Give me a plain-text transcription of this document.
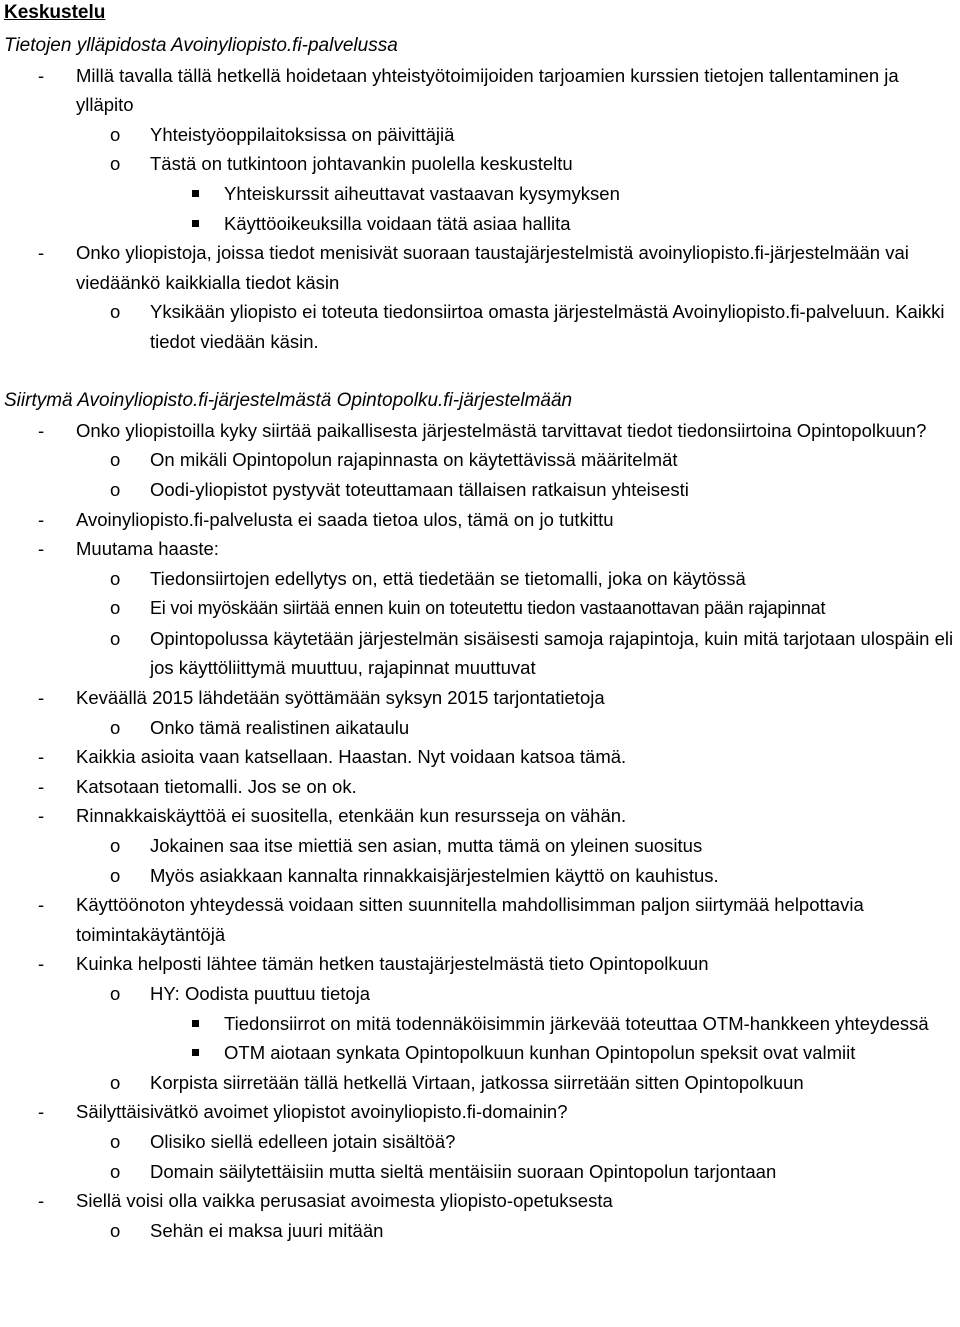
Keskustelu

Tietojen ylläpidosta Avoinyliopisto.fi-palvelussa

- Millä tavalla tällä hetkellä hoidetaan yhteistyötoimijoiden tarjoamien kurssien tietojen tallentaminen ja ylläpito
o Yhteistyöoppilaitoksissa on päivittäjiä
o Tästä on tutkintoon johtavankin puolella keskusteltu
Yhteiskurssit aiheuttavat vastaavan kysymyksen
Käyttöoikeuksilla voidaan tätä asiaa hallita
- Onko yliopistoja, joissa tiedot menisivät suoraan taustajärjestelmistä avoinyliopisto.fi-järjestelmään vai viedäänkö kaikkialla tiedot käsin
o Yksikään yliopisto ei toteuta tiedonsiirtoa omasta järjestelmästä Avoinyliopisto.fi-palveluun. Kaikki tiedot viedään käsin.

Siirtymä Avoinyliopisto.fi-järjestelmästä Opintopolku.fi-järjestelmään

- Onko yliopistoilla kyky siirtää paikallisesta järjestelmästä tarvittavat tiedot tiedonsiirtoina Opintopolkuun?
o On mikäli Opintopolun rajapinnasta on käytettävissä määritelmät
o Oodi-yliopistot pystyvät toteuttamaan tällaisen ratkaisun yhteisesti
- Avoinyliopisto.fi-palvelusta ei saada tietoa ulos, tämä on jo tutkittu
- Muutama haaste:
o Tiedonsiirtojen edellytys on, että tiedetään se tietomalli, joka on käytössä
o Ei voi myöskään siirtää ennen kuin on toteutettu tiedon vastaanottavan pään rajapinnat
o Opintopolussa käytetään järjestelmän sisäisesti samoja rajapintoja, kuin mitä tarjotaan ulospäin eli jos käyttöliittymä muuttuu, rajapinnat muuttuvat
- Keväällä 2015 lähdetään syöttämään syksyn 2015 tarjontatietoja
o Onko tämä realistinen aikataulu
- Kaikkia asioita vaan katsellaan. Haastan. Nyt voidaan katsoa tämä.
- Katsotaan tietomalli. Jos se on ok.
- Rinnakkaiskäyttöä ei suositella, etenkään kun resursseja on vähän.
o Jokainen saa itse miettiä sen asian, mutta tämä on yleinen suositus
o Myös asiakkaan kannalta rinnakkaisjärjestelmien käyttö on kauhistus.
- Käyttöönoton yhteydessä voidaan sitten suunnitella mahdollisimman paljon siirtymää helpottavia toimintakäytäntöjä
- Kuinka helposti lähtee tämän hetken taustajärjestelmästä tieto Opintopolkuun
o HY: Oodista puuttuu tietoja
Tiedonsiirrot on mitä todennäköisimmin järkevää toteuttaa OTM-hankkeen yhteydessä
OTM aiotaan synkata Opintopolkuun kunhan Opintopolun speksit ovat valmiit
o Korpista siirretään tällä hetkellä Virtaan, jatkossa siirretään sitten Opintopolkuun
- Säilyttäisivätkö avoimet yliopistot avoinyliopisto.fi-domainin?
o Olisiko siellä edelleen jotain sisältöä?
o Domain säilytettäisiin mutta sieltä mentäisiin suoraan Opintopolun tarjontaan
- Siellä voisi olla vaikka perusasiat avoimesta yliopisto-opetuksesta
o Sehän ei maksa juuri mitään
